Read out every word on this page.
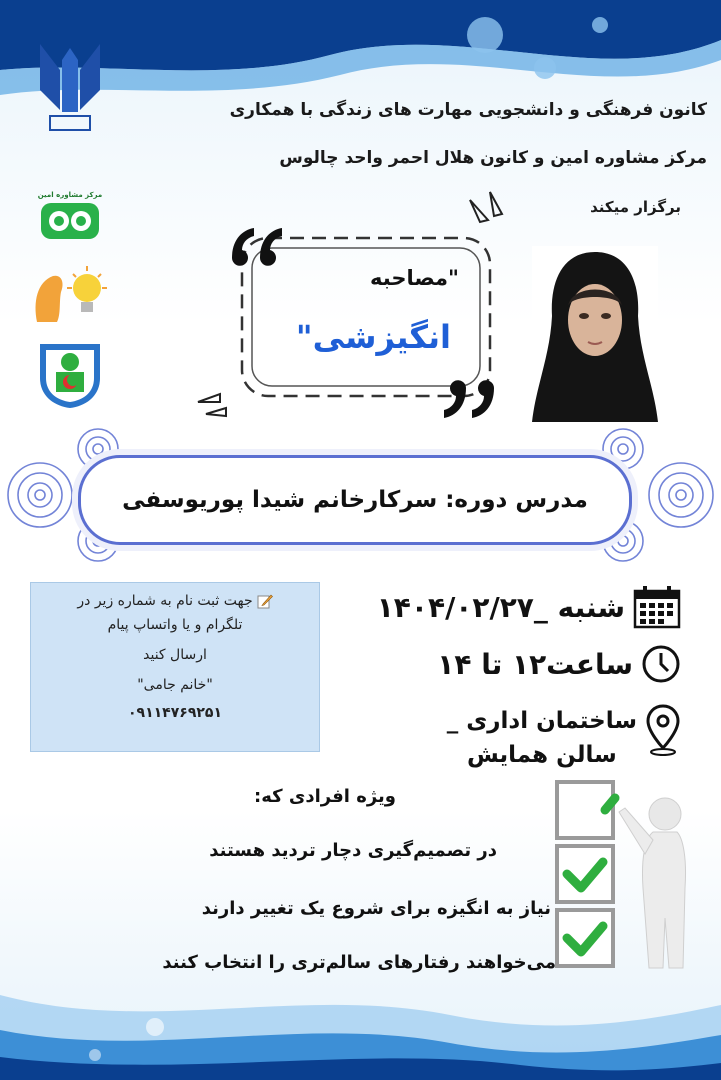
کانون فرهنگی و دانشجویی مهارت های زندگی با همکاری
مرکز مشاوره امین و کانون هلال احمر واحد چالوس
برگزار میکند
مرکز مشاوره امین
"مصاحبه
انگیزشی"
مدرس دوره: سرکارخانم شیدا پوریوسفی
جهت ثبت نام به شماره زیر در
تلگرام و یا واتساپ پیام
ارسال کنید
"خانم جامی"
۰۹۱۱۴۷۶۹۲۵۱
شنبه _۱۴۰۴/۰۲/۲۷
ساعت۱۲ تا ۱۴
ساختمان اداری _
سالن همایش
ویژه افرادی که:
در تصمیم‌گیری دچار تردید هستند
نیاز به انگیزه برای شروع یک تغییر دارند
می‌خواهند رفتارهای سالم‌تری را انتخاب کنند
